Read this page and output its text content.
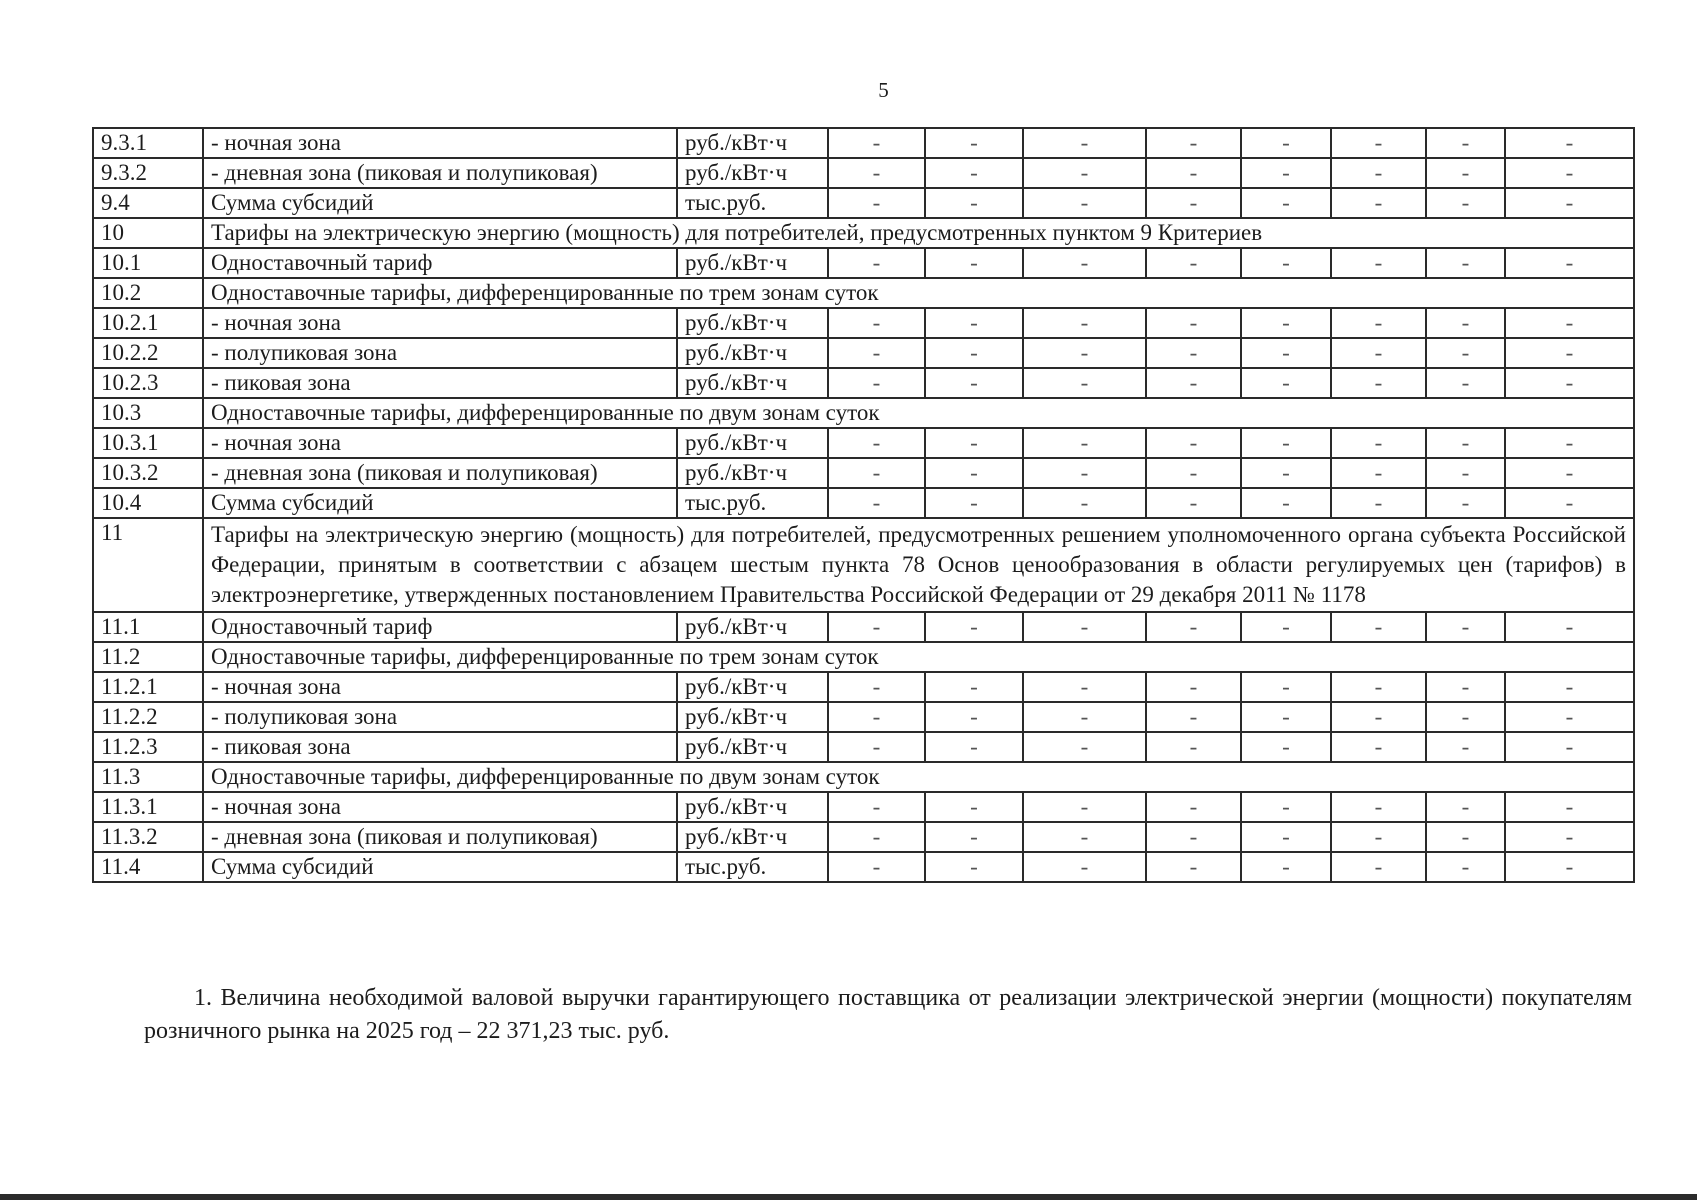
5
9.3.1	- ночная зона	руб./кВт·ч	-	-	-	-	-	-	-	-
9.3.2	- дневная зона (пиковая и полупиковая)	руб./кВт·ч	-	-	-	-	-	-	-	-
9.4	Сумма субсидий	тыс.руб.	-	-	-	-	-	-	-	-
10	Тарифы на электрическую энергию (мощность) для потребителей, предусмотренных пунктом 9 Критериев									
10.1	Одноставочный тариф	руб./кВт·ч	-	-	-	-	-	-	-	-
10.2	Одноставочные тарифы, дифференцированные по трем зонам суток									
10.2.1	- ночная зона	руб./кВт·ч	-	-	-	-	-	-	-	-
10.2.2	- полупиковая зона	руб./кВт·ч	-	-	-	-	-	-	-	-
10.2.3	- пиковая зона	руб./кВт·ч	-	-	-	-	-	-	-	-
10.3	Одноставочные тарифы, дифференцированные по двум зонам суток									
10.3.1	- ночная зона	руб./кВт·ч	-	-	-	-	-	-	-	-
10.3.2	- дневная зона (пиковая и полупиковая)	руб./кВт·ч	-	-	-	-	-	-	-	-
10.4	Сумма субсидий	тыс.руб.	-	-	-	-	-	-	-	-
11	Тарифы на электрическую энергию (мощность) для потребителей, предусмотренных решением уполномоченного органа субъекта Российской Федерации, принятым в соответствии с абзацем шестым пункта 78 Основ ценообразования в области регулируемых цен (тарифов) в электроэнергетике, утвержденных постановлением Правительства Российской Федерации от 29 декабря 2011 № 1178									
11.1	Одноставочный тариф	руб./кВт·ч	-	-	-	-	-	-	-	-
11.2	Одноставочные тарифы, дифференцированные по трем зонам суток									
11.2.1	- ночная зона	руб./кВт·ч	-	-	-	-	-	-	-	-
11.2.2	- полупиковая зона	руб./кВт·ч	-	-	-	-	-	-	-	-
11.2.3	- пиковая зона	руб./кВт·ч	-	-	-	-	-	-	-	-
11.3	Одноставочные тарифы, дифференцированные по двум зонам суток									
11.3.1	- ночная зона	руб./кВт·ч	-	-	-	-	-	-	-	-
11.3.2	- дневная зона (пиковая и полупиковая)	руб./кВт·ч	-	-	-	-	-	-	-	-
11.4	Сумма субсидий	тыс.руб.	-	-	-	-	-	-	-	-
1. Величина необходимой валовой выручки гарантирующего поставщика от реализации электрической энергии (мощности) покупателям розничного рынка на 2025 год – 22 371,23 тыс. руб.
